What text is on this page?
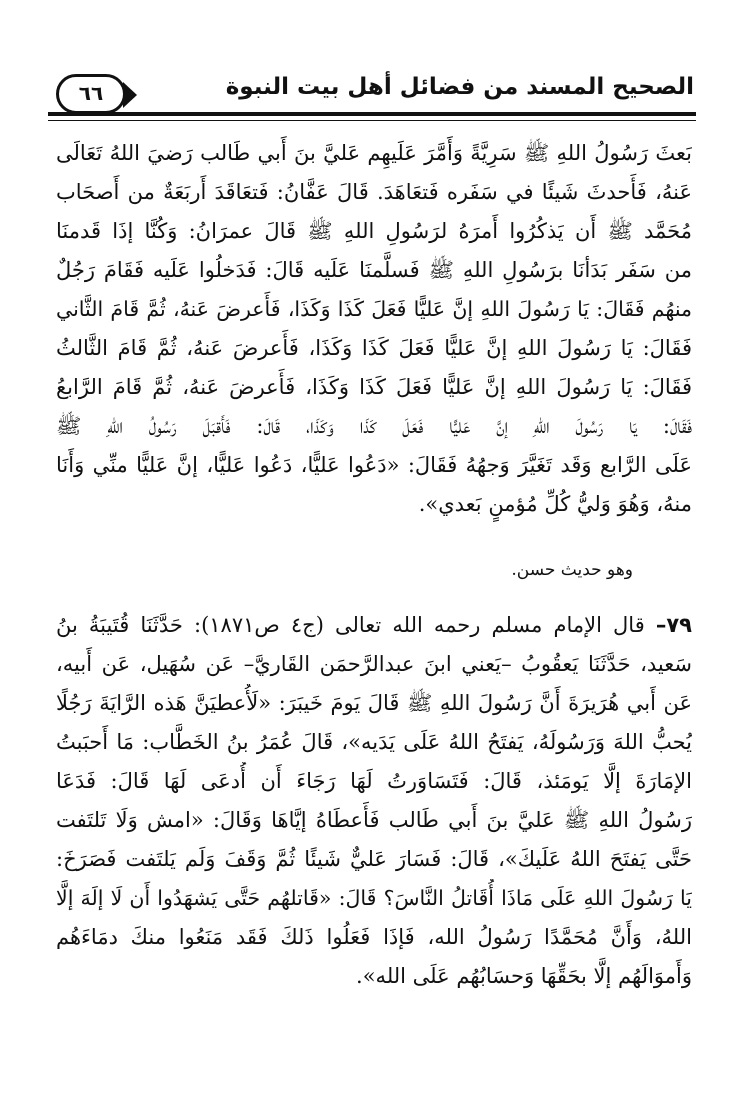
الصحيح المسند من فضائل أهل بيت النبوة
٦٦
بَعثَ رَسُولُ اللهِ ﷺ سَرِيَّةً وَأَمَّرَ عَلَيهِم عَليَّ بنَ أَبي طَالب رَضيَ اللهُ تَعَالَى
عَنهُ، فَأَحدثَ شَيئًا في سَفَره فَتعَاهَدَ. قَالَ عَفَّانُ: فَتعَاقَدَ أَربَعَةٌ من أَصحَاب
مُحَمَّد ﷺ أَن يَذكُرُوا أَمرَهُ لرَسُولِ اللهِ ﷺ قَالَ عمرَانُ: وَكُنَّا إذَا قَدمنَا
من سَفَر بَدَأنَا برَسُولِ اللهِ ﷺ فَسلَّمنَا عَلَيه قَالَ: فَدَخلُوا عَلَيه فَقَامَ رَجُلٌ
منهُم فَقَالَ: يَا رَسُولَ اللهِ إنَّ عَليًّا فَعَلَ كَذَا وَكَذَا، فَأَعرضَ عَنهُ، ثُمَّ قَامَ الثَّاني
فَقَالَ: يَا رَسُولَ اللهِ إنَّ عَليًّا فَعَلَ كَذَا وَكَذَا، فَأَعرضَ عَنهُ، ثُمَّ قَامَ الثَّالثُ
فَقَالَ: يَا رَسُولَ اللهِ إنَّ عَليًّا فَعَلَ كَذَا وَكَذَا، فَأَعرضَ عَنهُ، ثُمَّ قَامَ الرَّابعُ
فَقَالَ: يَا رَسُولَ اللهِ إنَّ عَليًّا فَعَلَ كَذَا وَكَذَا، قَالَ: فَأَقبَلَ رَسُولُ اللهِ ﷺ
عَلَى الرَّابع وَقَد تَغَيَّرَ وَجهُهُ فَقَالَ: «دَعُوا عَليًّا، دَعُوا عَليًّا، إنَّ عَليًّا منِّي وَأَنَا
منهُ، وَهُوَ وَليُّ كُلِّ مُؤمنٍ بَعدي».
وهو حديث حسن.
٧٩– قال الإمام مسلم رحمه الله تعالى (ج٤ ص١٨٧١): حَدَّثَنَا قُتَيبَةُ بنُ
سَعيد، حَدَّثَنَا يَعقُوبُ –يَعني ابنَ عبدالرَّحمَن القَاريَّ– عَن سُهَيل، عَن أَبيه،
عَن أَبي هُرَيرَةَ أَنَّ رَسُولَ اللهِ ﷺ قَالَ يَومَ خَيبَرَ: «لَأُعطيَنَّ هَذه الرَّايَةَ رَجُلًا
يُحبُّ اللهَ وَرَسُولَهُ، يَفتَحُ اللهُ عَلَى يَدَيه»، قَالَ عُمَرُ بنُ الخَطَّاب: مَا أَحبَبتُ
الإمَارَةَ إلَّا يَومَئذ، قَالَ: فَتَسَاوَرتُ لَهَا رَجَاءَ أَن أُدعَى لَهَا قَالَ: فَدَعَا
رَسُولُ اللهِ ﷺ عَليَّ بنَ أَبي طَالب فَأَعطَاهُ إيَّاهَا وَقَالَ: «امش وَلَا تَلتَفت
حَتَّى يَفتَحَ اللهُ عَلَيكَ»، قَالَ: فَسَارَ عَليٌّ شَيئًا ثُمَّ وَقَفَ وَلَم يَلتَفت فَصَرَخَ:
يَا رَسُولَ اللهِ عَلَى مَاذَا أُقَاتلُ النَّاسَ؟ قَالَ: «قَاتلهُم حَتَّى يَشهَدُوا أَن لَا إلَهَ إلَّا
اللهُ، وَأَنَّ مُحَمَّدًا رَسُولُ الله، فَإذَا فَعَلُوا ذَلكَ فَقَد مَنَعُوا منكَ دمَاءَهُم
وَأَموَالَهُم إلَّا بحَقِّهَا وَحسَابُهُم عَلَى الله».
